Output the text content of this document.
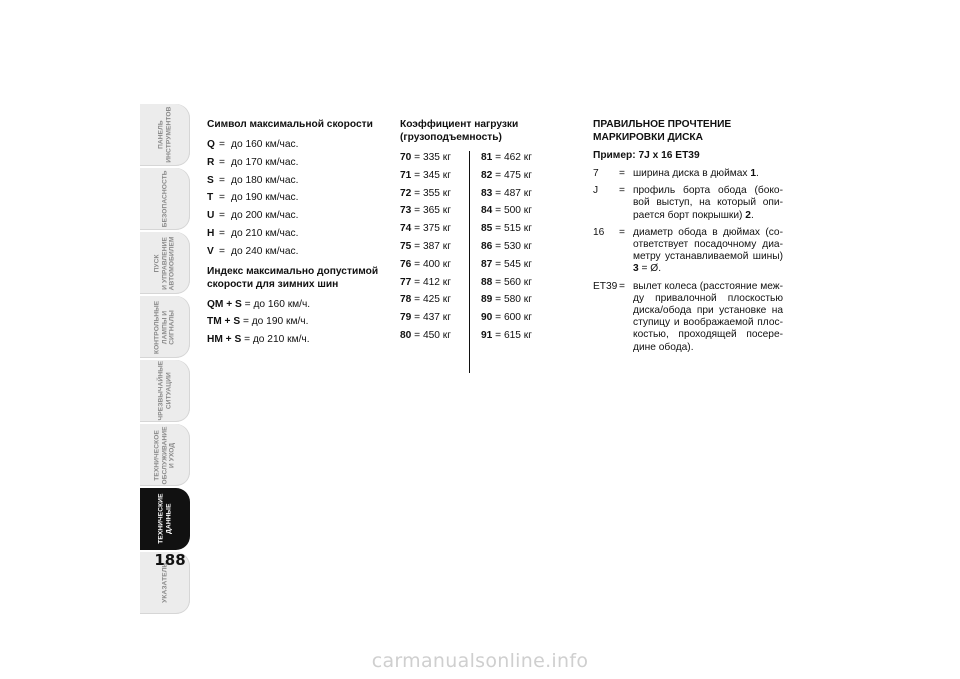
ПАНЕЛЬ
ИНСТРУМЕНТОВ
БЕЗОПАСНОСТЬ
ПУСК
И УПРАВЛЕНИЕ
АВТОМОБИЛЕМ
КОНТРОЛЬНЫЕ
ЛАМПЫ И
СИГНАЛЫ
ЧРЕЗВЫЧАЙНЫЕ
СИТУАЦИИ
ТЕХНИЧЕСКОЕ
ОБСЛУЖИВАНИЕ
И УХОД
ТЕХНИЧЕСКИЕ
ДАННЫЕ
УКАЗАТЕЛЬ
188
Символ максимальной скорости
Q = до 160 км/час.
R = до 170 км/час.
S = до 180 км/час.
T = до 190 км/час.
U = до 200 км/час.
H = до 210 км/час.
V = до 240 км/час.
Индекс максимально допустимой скорости для зимних шин
QM + S = до 160 км/ч.
TM + S = до 190 км/ч.
HM + S = до 210 км/ч.
Коэффициент нагрузки (грузоподъемность)
70 = 335 кг
71 = 345 кг
72 = 355 кг
73 = 365 кг
74 = 375 кг
75 = 387 кг
76 = 400 кг
77 = 412 кг
78 = 425 кг
79 = 437 кг
80 = 450 кг
81 = 462 кг
82 = 475 кг
83 = 487 кг
84 = 500 кг
85 = 515 кг
86 = 530 кг
87 = 545 кг
88 = 560 кг
89 = 580 кг
90 = 600 кг
91 = 615 кг
ПРАВИЛЬНОЕ ПРОЧТЕНИЕ МАРКИРОВКИ ДИСКА
Пример: 7J x 16 ET39
7	= ширина диска в дюймах 1.
J	= профиль борта обода (боко-вой выступ, на который опи-рается борт покрышки) 2.
16	= диаметр обода в дюймах (со-ответствует посадочному диа-метру устанавливаемой шины) 3 = Ø.
ET39 = вылет колеса (расстояние меж-ду привалочной плоскостью диска/обода при установке на ступицу и воображаемой плос-костью, проходящей посере-дине обода).
carmanualsonline.info
